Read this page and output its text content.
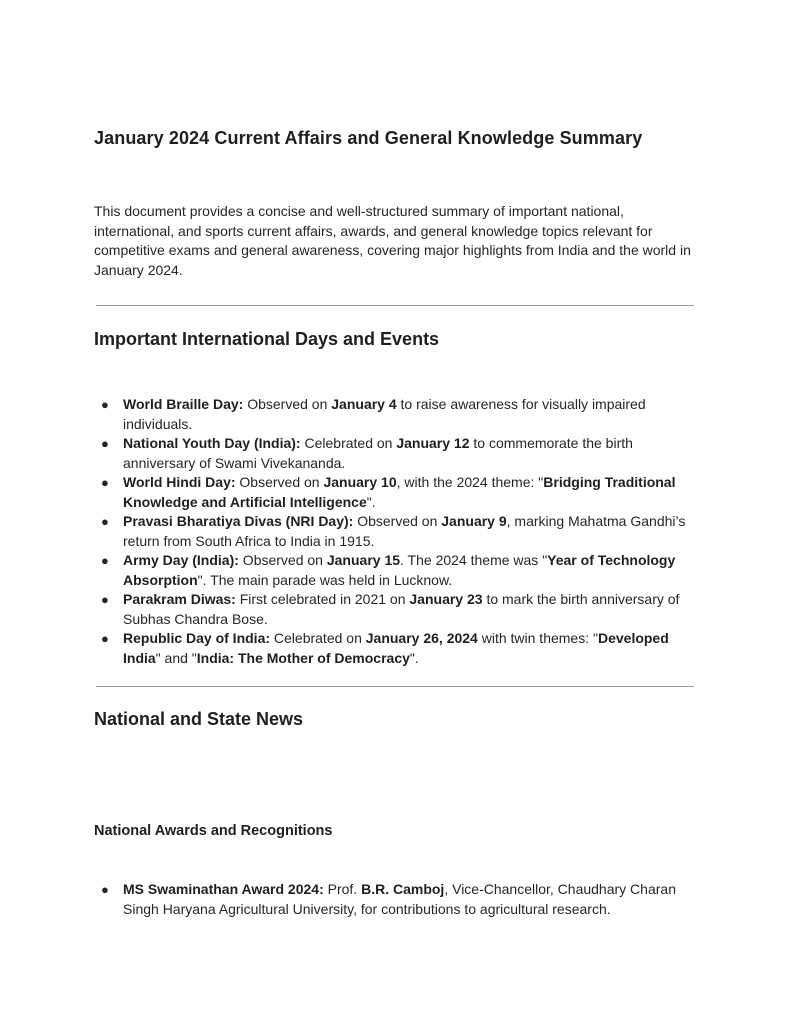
January 2024 Current Affairs and General Knowledge Summary

This document provides a concise and well-structured summary of important national, international, and sports current affairs, awards, and general knowledge topics relevant for competitive exams and general awareness, covering major highlights from India and the world in January 2024.

Important International Days and Events
● World Braille Day: Observed on January 4 to raise awareness for visually impaired individuals.
● National Youth Day (India): Celebrated on January 12 to commemorate the birth anniversary of Swami Vivekananda.
● World Hindi Day: Observed on January 10, with the 2024 theme: "Bridging Traditional Knowledge and Artificial Intelligence".
● Pravasi Bharatiya Divas (NRI Day): Observed on January 9, marking Mahatma Gandhi’s return from South Africa to India in 1915.
● Army Day (India): Observed on January 15. The 2024 theme was "Year of Technology Absorption". The main parade was held in Lucknow.
● Parakram Diwas: First celebrated in 2021 on January 23 to mark the birth anniversary of Subhas Chandra Bose.
● Republic Day of India: Celebrated on January 26, 2024 with twin themes: "Developed India" and "India: The Mother of Democracy".
National and State News
National Awards and Recognitions
● MS Swaminathan Award 2024: Prof. B.R. Camboj, Vice-Chancellor, Chaudhary Charan Singh Haryana Agricultural University, for contributions to agricultural research.
